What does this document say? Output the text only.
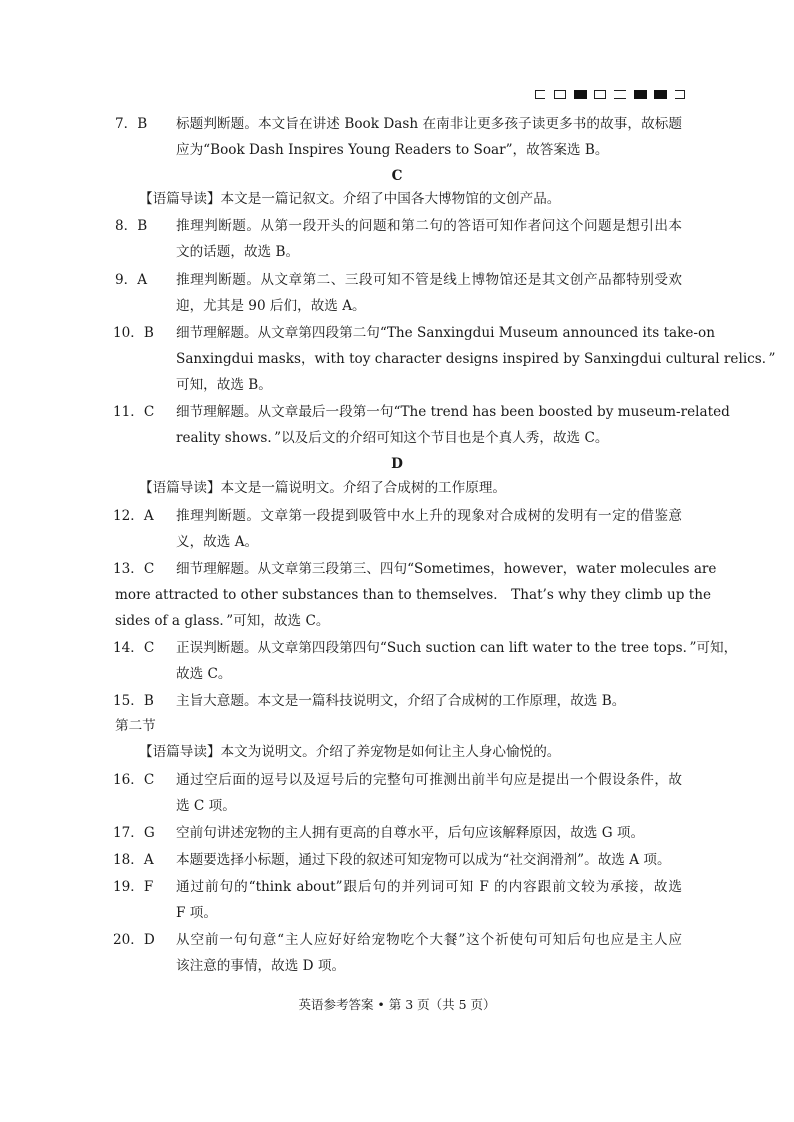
7．B 标题判断题。本文旨在讲述 Book Dash 在南非让更多孩子读更多书的故事，故标题
应为“Book Dash Inspires Young Readers to Soar”，故答案选 B。
C
【语篇导读】本文是一篇记叙文。介绍了中国各大博物馆的文创产品。
8．B 推理判断题。从第一段开头的问题和第二句的答语可知作者问这个问题是想引出本
文的话题，故选 B。
9．A 推理判断题。从文章第二、三段可知不管是线上博物馆还是其文创产品都特别受欢
迎，尤其是 90 后们，故选 A。
10．B 细节理解题。从文章第四段第二句“The Sanxingdui Museum announced its take-on
Sanxingdui masks，with toy character designs inspired by Sanxingdui cultural relics．”
可知，故选 B。
11．C 细节理解题。从文章最后一段第一句“The trend has been boosted by museum-related
reality shows．”以及后文的介绍可知这个节目也是个真人秀，故选 C。
D
【语篇导读】本文是一篇说明文。介绍了合成树的工作原理。
12．A 推理判断题。文章第一段提到吸管中水上升的现象对合成树的发明有一定的借鉴意
义，故选 A。
13．C 细节理解题。从文章第三段第三、四句“Sometimes，however，water molecules are
more attracted to other substances than to themselves． That’s why they climb up the
sides of a glass．”可知，故选 C。
14．C 正误判断题。从文章第四段第四句“Such suction can lift water to the tree tops．”可知，
故选 C。
15．B 主旨大意题。本文是一篇科技说明文，介绍了合成树的工作原理，故选 B。
第二节
【语篇导读】本文为说明文。介绍了养宠物是如何让主人身心愉悦的。
16．C 通过空后面的逗号以及逗号后的完整句可推测出前半句应是提出一个假设条件，故
选 C 项。
17．G 空前句讲述宠物的主人拥有更高的自尊水平，后句应该解释原因，故选 G 项。
18．A 本题要选择小标题，通过下段的叙述可知宠物可以成为“社交润滑剂”。故选 A 项。
19．F 通过前句的“think about”跟后句的并列词可知 F 的内容跟前文较为承接，故选
F 项。
20．D 从空前一句句意“主人应好好给宠物吃个大餐”这个祈使句可知后句也应是主人应
该注意的事情，故选 D 项。
英语参考答案 • 第 3 页（共 5 页）
